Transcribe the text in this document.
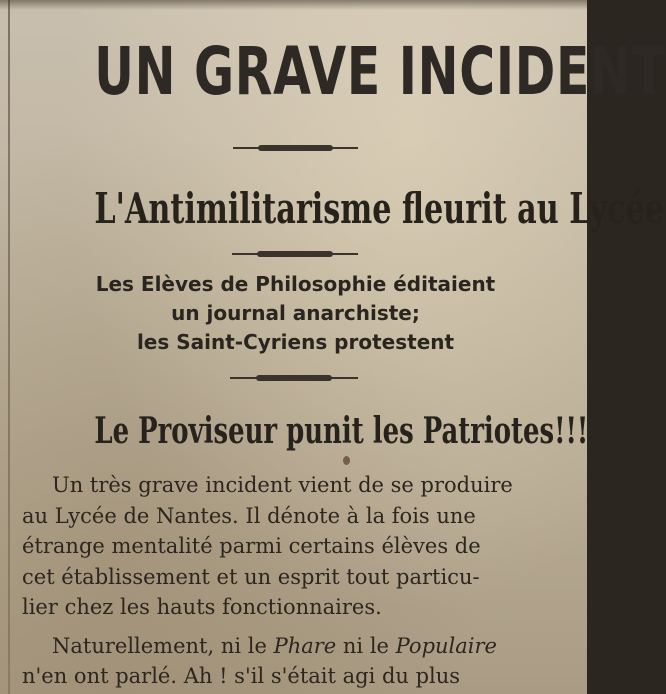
UN GRAVE INCIDENT
L'Antimilitarisme fleurit au Lycée
Les Elèves de Philosophie éditaient
un journal anarchiste;
les Saint-Cyriens protestent
Le Proviseur punit les Patriotes!!!
Un très grave incident vient de se produire
au Lycée de Nantes. Il dénote à la fois une
étrange mentalité parmi certains élèves de
cet établissement et un esprit tout particu-
lier chez les hauts fonctionnaires.
Naturellement, ni le Phare ni le Populaire
n'en ont parlé. Ah ! s'il s'était agi du plus
